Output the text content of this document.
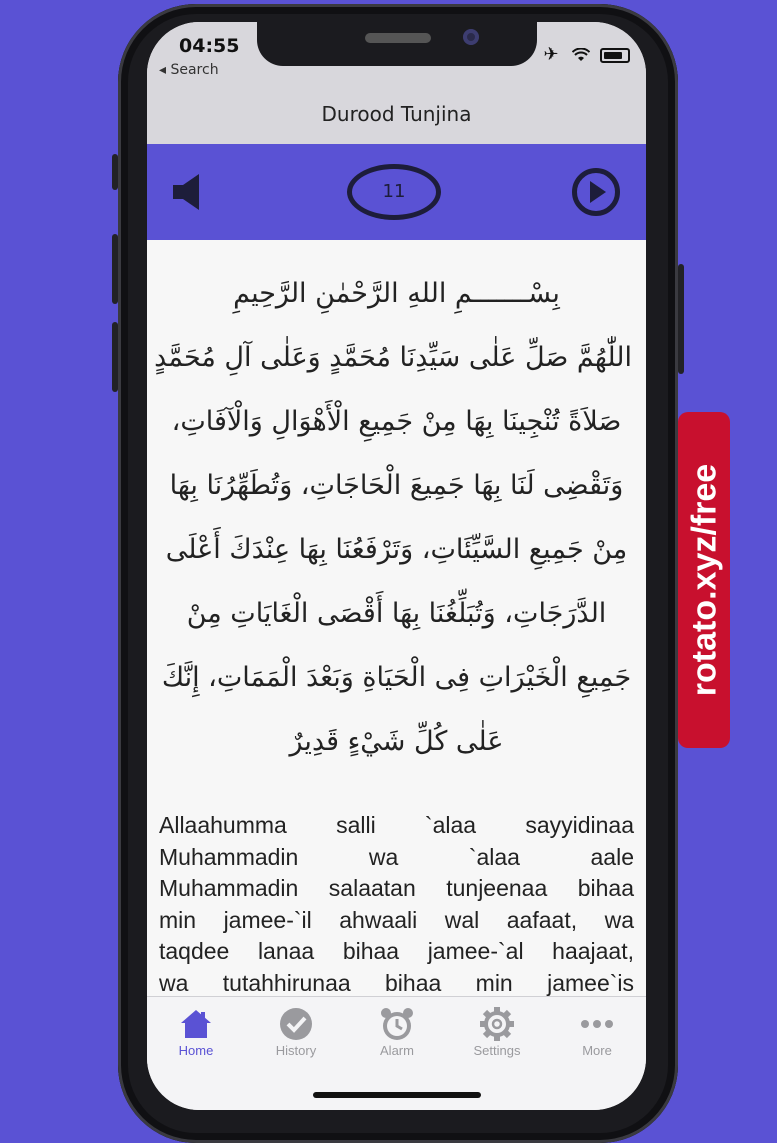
04:55
◂ Search
✈
Durood Tunjina
11
بِسْـــــــمِ اللهِ الرَّحْمٰنِ الرَّحِيمِ
اللّٰهُمَّ صَلِّ عَلٰى سَيِّدِنَا مُحَمَّدٍ وَعَلٰى آلِ مُحَمَّدٍ
صَلاَةً تُنْجِينَا بِهَا مِنْ جَمِيعِ الْأَهْوَالِ وَالْآفَاتِ،
وَتَقْضِى لَنَا بِهَا جَمِيعَ الْحَاجَاتِ، وَتُطَهِّرُنَا بِهَا
مِنْ جَمِيعِ السَّيِّئَاتِ، وَتَرْفَعُنَا بِهَا عِنْدَكَ أَعْلَى
الدَّرَجَاتِ، وَتُبَلِّغُنَا بِهَا أَقْصَى الْغَايَاتِ مِنْ
جَمِيعِ الْخَيْرَاتِ فِى الْحَيَاةِ وَبَعْدَ الْمَمَاتِ، إِنَّكَ
عَلٰى كُلِّ شَيْءٍ قَدِيرٌ
Allaahumma salli `alaa sayyidinaa
Muhammadin wa `alaa aale
Muhammadin salaatan tunjeenaa bihaa
min jamee-`il ahwaali wal aafaat, wa
taqdee lanaa bihaa jamee-`al haajaat,
wa tutahhirunaa bihaa min jamee`is
Home	History	Alarm	Settings	More
rotato.xyz/free
